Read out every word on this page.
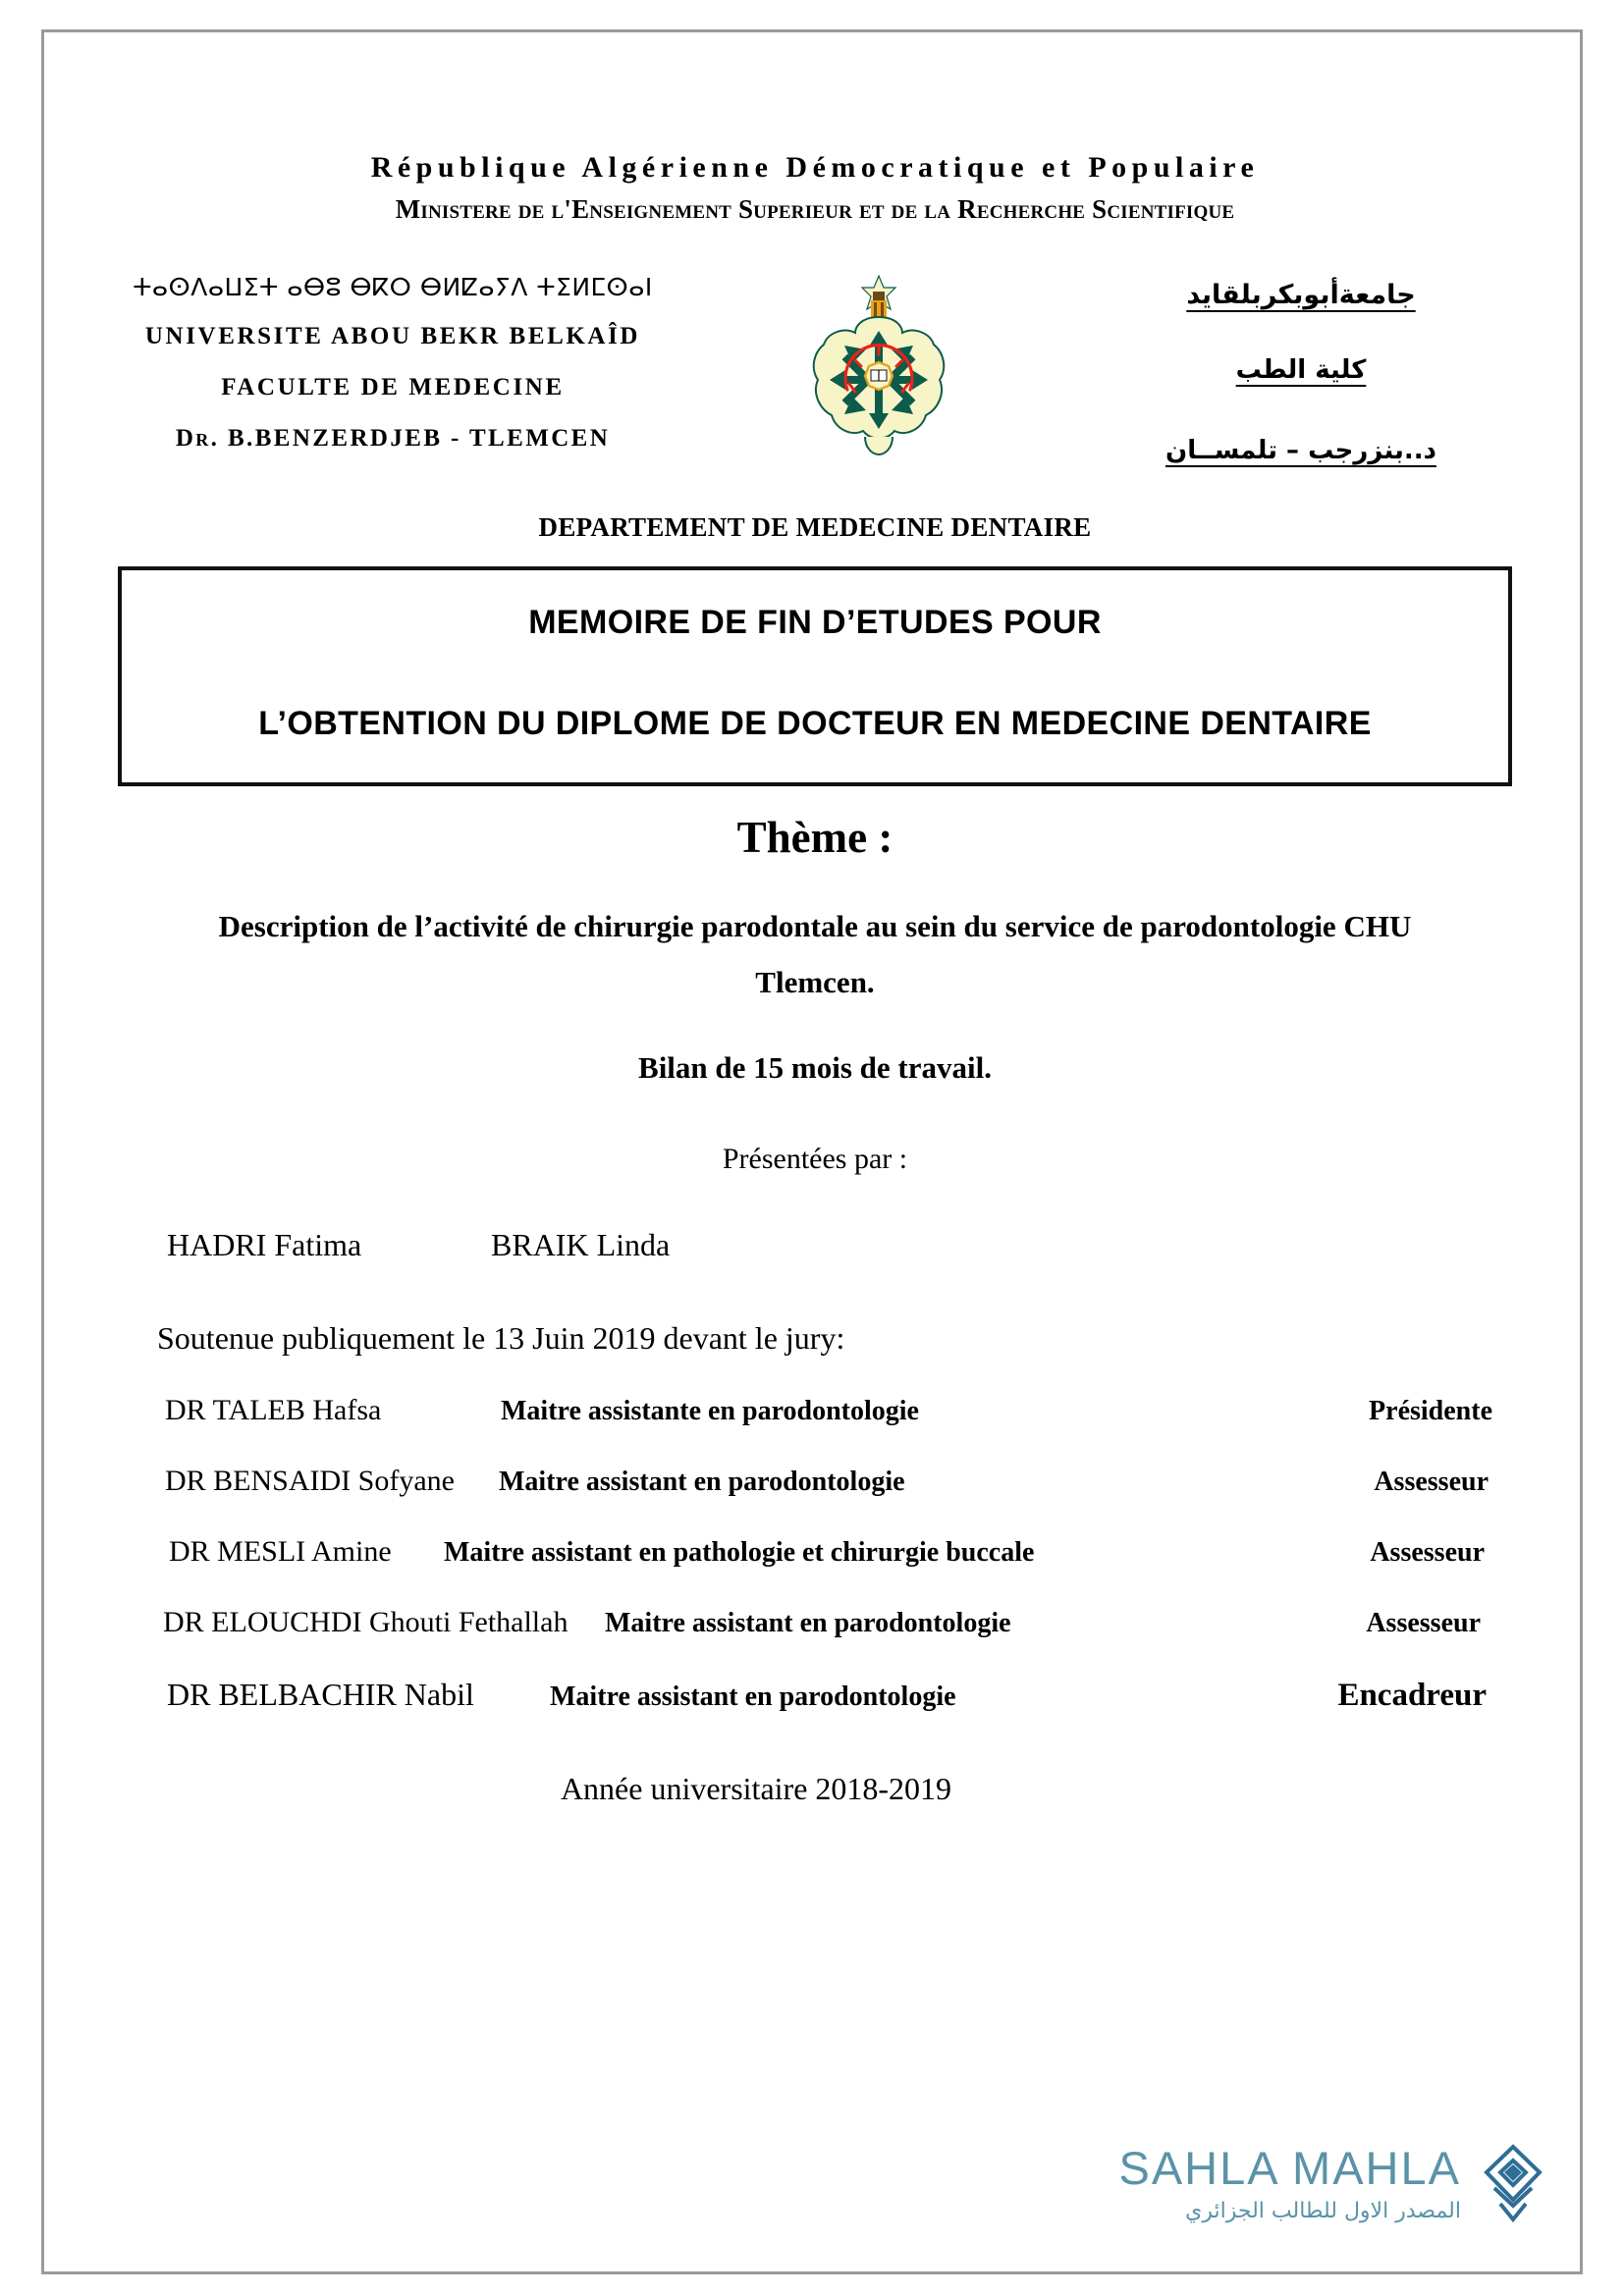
République Algérienne Démocratique et Populaire
Ministere de l'Enseignement Superieur et de la Recherche Scientifique
ⵜⴰⵙⴷⴰⵡⵉⵜ ⴰⴱⵓ ⴱⴽⵔ ⴱⵍⵇⴰⵢⴷ ⵜⵉⵍⵎⵙⴰⵏ
UNIVERSITE ABOU BEKR BELKAÎD
FACULTE DE MEDECINE
Dr. B.BENZERDJEB - TLEMCEN
جامعةأبوبكربلقايد
كلية الطب
د..بنزرجب – تلمســان
DEPARTEMENT DE MEDECINE DENTAIRE
MEMOIRE DE FIN D’ETUDES POUR
L’OBTENTION DU DIPLOME DE DOCTEUR EN MEDECINE DENTAIRE
Thème :
Description de l’activité de chirurgie parodontale au sein du service de parodontologie CHU Tlemcen.
Bilan de 15 mois de travail.
Présentées par :
HADRI Fatima	BRAIK Linda
Soutenue publiquement le 13 Juin 2019 devant le jury:
DR TALEB Hafsa	Maitre assistante en parodontologie	Présidente
DR BENSAIDI Sofyane	Maitre assistant en parodontologie	Assesseur
DR MESLI Amine	Maitre assistant en pathologie et chirurgie buccale	Assesseur
DR ELOUCHDI Ghouti Fethallah	Maitre assistant en parodontologie	Assesseur
DR BELBACHIR Nabil	Maitre assistant en parodontologie	Encadreur
Année universitaire 2018-2019
SAHLA MAHLA
المصدر الاول للطالب الجزائري
